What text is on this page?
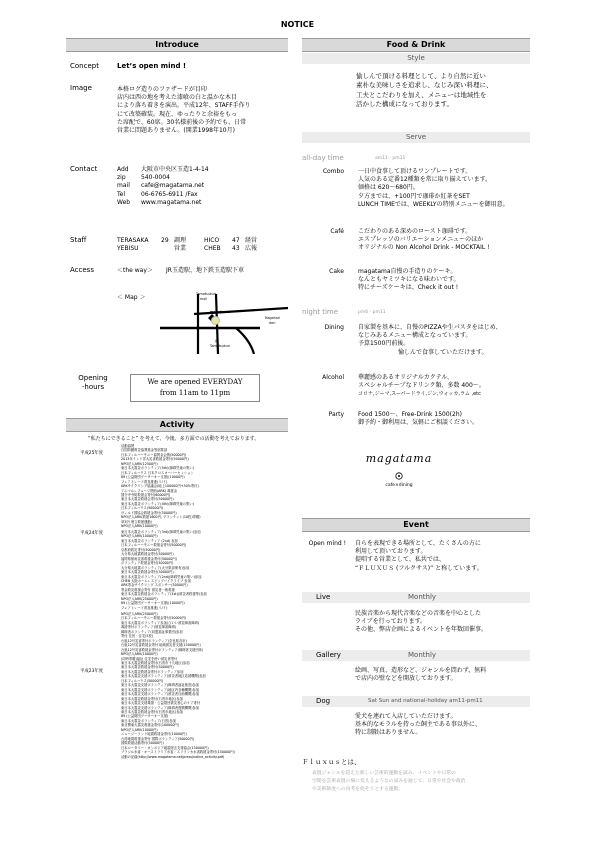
NOTICE
Introduce
Concept	Let’s open mind !
Image	本格ログ造りのファザードが目印
店内は西の地を考えた漆喰の白と温かな木目
により落ち着きを演出。平成12年、STAFF手作り
にて改築確装。現在、ゆったりと余裕をもっ
た席配で、60席。30名様前後の予約でも、日常
営業に問題ありません。(開業1998年10月)
Contact	Add 大阪市中央区玉造1-4-14
zip	540-0004
mail cafe@magatama.net
Tel	06-6765-6911 /Fax
Web www.magatama.net
Staff	TERASAKA 29 調理	HICO 47 経営
YEBISU	営業	CHEB 43 広報
Access	＜the way＞ JR玉造駅、地下鉄玉造駅下車
＜ Map ＞	Tamatsukuri
moll
magatama
Nagahori
dori
JR
Tamatsukuri
Opening
-hours
We are opened EVERYDAY
from 11am to 11pm
Activity
“私たちにできること” を考えて、今後、多方面での活動を考えております。
平成25年度
活動協賛
自国防鍛救災協賛基金等部要請
日本フィルハーモニー協賛金会納(50000円)
2013年インド洋大災害救援金寄付(50000円)
NPO法人ARK(12500円)
東日本大震災ボランティア(5th)(障碍児童の集い)
日本フィルハウス 日本クロスオーバーセッション
89 (公益財団ゲーサーオー支援)(10000円)
フェアトレード普及推進(リ/イ)
ARKサイクリング協議会(地上100000円+30%寄付)
アニマルレフュージ関西(ARK) 義援金
国分寺寺防救援会寄付(60000円)
東日本大震災救援会寄付(50000円)
東日本大震災ボランティア(4th)(障碍児童の集い)
日本フィルハウス(50000円)
ヴィルド国協会救援金寄付(30000円)
NPO法人ARK(救援1600円, プランケット(10枚)寄贈)
草刈り埋立救援運動(
NPO法人ARK(10000円)
平成24年度	東日本大震災ボランティア(3rd)(障碍児童の集い)参加
NPO法人ARK(10000円)
東日本大震災ボランティア (2nd) 参加
日本フィルハーモニー救援金寄付(50000円)
京都府救災寄付(50000円)
大分県大地震救援金寄付(50000円)
福岡県豪雨災害救援金寄付(50000円)
ボランティア救援金寄付(30000円)
大分県大地震ボランティア(大分県部保有)参加
東日本大震災救援金寄付(30000円)
東日本大震災ボランティア(2nd)(障碍児童の集い)参加
CHEB 大阪ホームレスビッグバイクライブ 参加
ARK寄金サイクリング スポンサー(50000円)
寄金救災救援会寄付 被災者一般救援
東日本大震災救援金ボランティア(1st)(被災者救援等)参加
NPO法人ARK(25000円)
89 (公益財団ゲーサーオー支援)(10000円)
フェアトレード普及推進(リ/イ)
平成23年度
NPO法人ARK(25000円)
日本フィルハーモニー救援金寄付(50000円)
東日本大震災ボランティア参加(ひいい被災障害障碍)
義援寄付ボランティア(被災障害障碍)
障碍者ボランティア(同盟福祉事業団)参加
寄付 住民・住宅(5枚)
台風12号災害寄付ボランティア(奈良県各市)
台風12号災害救援金寄付 地域被災者支援(150000円)
台風12号災害救援金寄付ボランティア(障碍者支援団体)
NPO法人ARK(10000円)
(同時寄贈)福祉 住宅を使い被災者寄付
東日本大震災救援金寄付(石巻市十九地区)参加
東日本大震災救援金寄付(50000円)
東日本大震災救援金寄付ボランティア参加
東日本大震災支援ボランティア(被災者地区応援機関)参加
日本フィルハウス(50000円)
東日本大震災支援ボランティア(障碍者福祉施設)参加
東日本大震災支援ボランティア(地区内各種機関)参加
東日本大震災支援ボランティア(被災者自助機関)参加
東日本大震災救援金寄付(石巻市地区)参加
東日本大震災支援義援・公益財団被災者心のケア寄付
東日本大震災支援ボランティア(障碍者復興機関)参加
東日本大震災救援金寄付(石巻市地区)参加
89 (公益財団ゲーサーオー支援)
東日本大震災ボランティア(石巻)参加
東北関東大震災救援金寄付(100000円)
NPO法人ARK(10000円)
ニュージーランド地震救援金寄付(10000円)
台湾地震救援金寄付 国際ボランティア(50000円)
国際救援活動寄付(50000円)
日本ロータリー・カンボジア地雷除去支援協会(150000円)
ブラジル水害・オーストラリア水害・スリランカ水害救援金寄付(150000円)
活動の記録(http://www.magatama.net/press/notice_activity.pdf)
Food & Drink
Style
愉しんで頂ける料理として、より自然に近い
素朴な美味しさを追求し、なじみ深い料理に、
工夫とこだわりを加え、メニューは地域性を
活かした構成になっております。
Serve
all-day time	am11 - pm11
Combo 一日中食事して頂けるワンプレートです。
人気のある定番12種類を常に取り揃えています。
価格は 620～680円。
夕方までは、+100円で珈琲か紅茶をSET
LUNCH TIMEでは、WEEKLYの特別メニューを御用意。
Café こだわりのある深めのロースト珈琲です。
エスプレッソのバリエーションメニューのほか
オリジナルの Non Alcohol Drink - MOCKTAIL !
Cake magatama自慢の手造りのケーキ。
なんともヤミツキになる味わいです。
特にチーズケーキは、Check it out !
night time	pm6 - pm11
Dining 自家製を基本に、自慢のPIZZAや生パスタをはじめ、
なじみあるメニュー構成となっています。
予算1500円前後。
愉しんで食事していただけます。
Alcohol 華麗感のあるオリジナルカクテル、
スペシャルチープなドリンク類、多数 400～。
コロナ,ジーマ,スーパードライ,ジン,ウォッカ,ラム ,etc
Party Food 1500～、Free-Drink 1500(2h)
御予約・御利用は、気軽にご相談ください。
magatama
cafe×dining
Event
Open mind ! 自らを表現できる場所として、たくさんの方に
利用して頂いております。
提唱する営業として、私共では、
“ＦＬＵＸＵＳ (フルクサス)” と称しています。
Live	Monthly
民族音楽から現代音楽などの音楽を中心とした
ライブを行っております。
その他、弊店企画によるイベントを年数回催事。
Gallery	Monthly
絵画、写真、造形など、ジャンルを問わず、無料
で店内の壁などを開放しております。
Dog	Sat Sun and national-holiday am11-pm11
愛犬を連れて入店していただけます。
基本的なモラルを持った飼主である事以外に、
特に制限はありません。
Ｆｌｕｘｕｓとは、
表現ジャンルを超えた新しい芸術的運動を試み、イベントや日常の
空間を芸術表現の場に変えるようなの試みを通じて、日常や社会や政治
や美術制度への再考を促そうとする運動。
